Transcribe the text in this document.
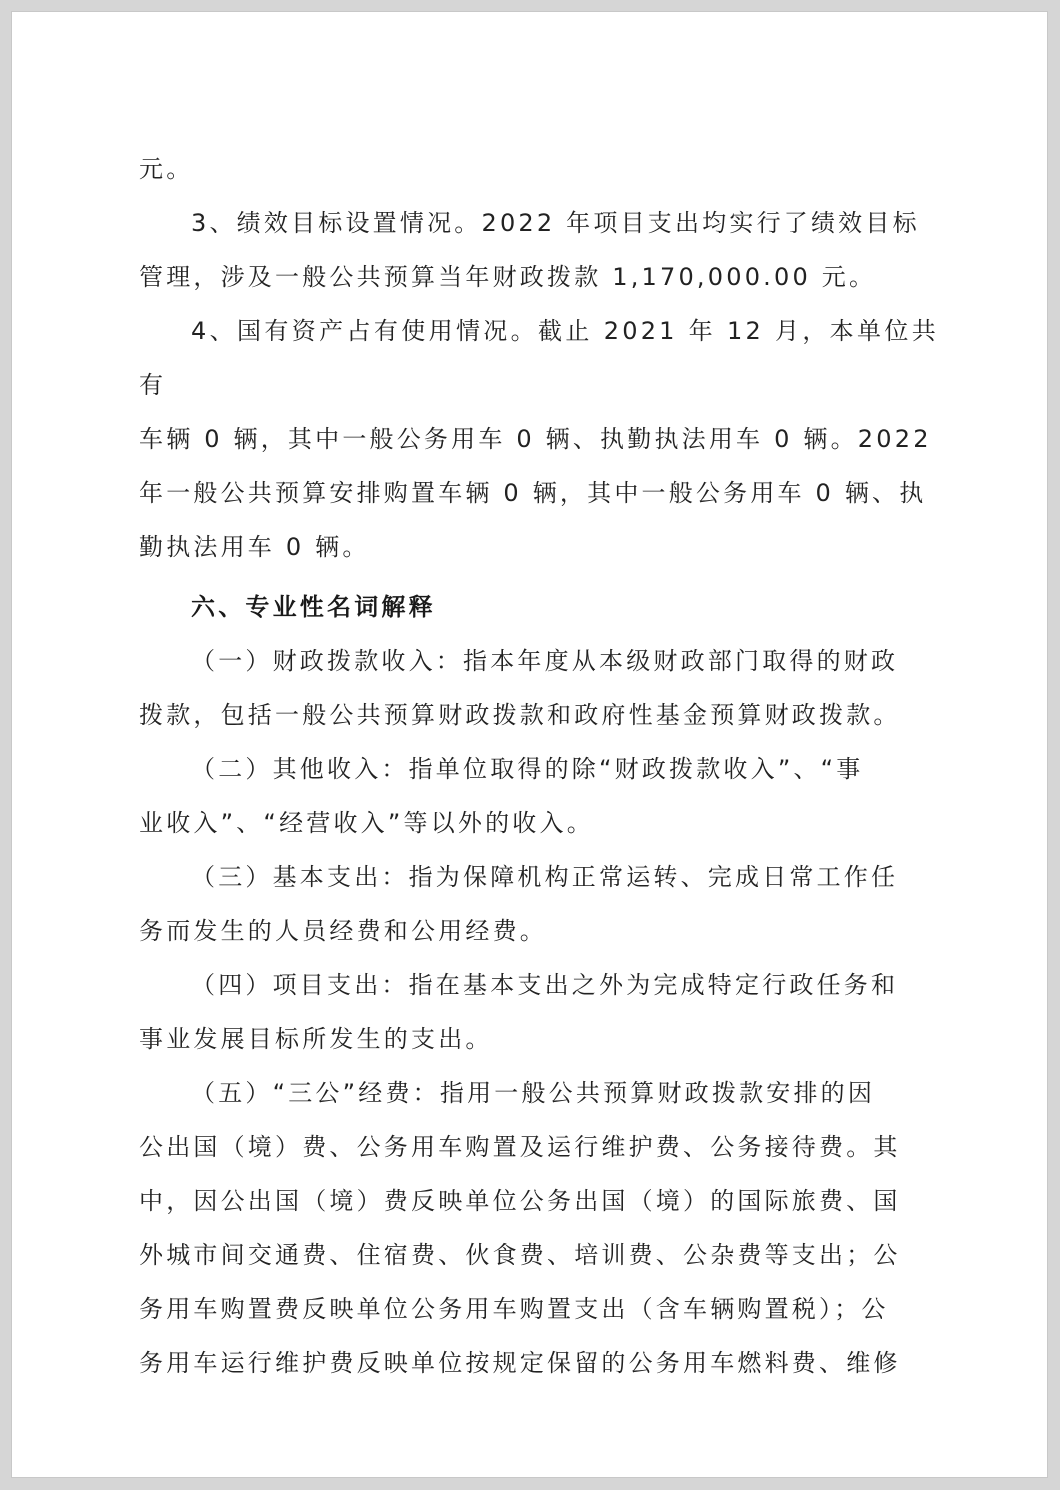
元。

3、绩效目标设置情况。2022 年项目支出均实行了绩效目标

管理，涉及一般公共预算当年财政拨款 1,170,000.00 元。

4、国有资产占有使用情况。截止 2021 年 12 月，本单位共有

车辆 0 辆，其中一般公务用车 0 辆、执勤执法用车 0 辆。2022
年一般公共预算安排购置车辆 0 辆，其中一般公务用车 0 辆、执
勤执法用车 0 辆。

六、专业性名词解释

（一）财政拨款收入：指本年度从本级财政部门取得的财政

拨款，包括一般公共预算财政拨款和政府性基金预算财政拨款。

（二）其他收入：指单位取得的除“财政拨款收入”、“事

业收入”、“经营收入”等以外的收入。

（三）基本支出：指为保障机构正常运转、完成日常工作任

务而发生的人员经费和公用经费。

（四）项目支出：指在基本支出之外为完成特定行政任务和

事业发展目标所发生的支出。

（五）“三公”经费：指用一般公共预算财政拨款安排的因

公出国（境）费、公务用车购置及运行维护费、公务接待费。其
中，因公出国（境）费反映单位公务出国（境）的国际旅费、国
外城市间交通费、住宿费、伙食费、培训费、公杂费等支出；公
务用车购置费反映单位公务用车购置支出（含车辆购置税）；公
务用车运行维护费反映单位按规定保留的公务用车燃料费、维修
